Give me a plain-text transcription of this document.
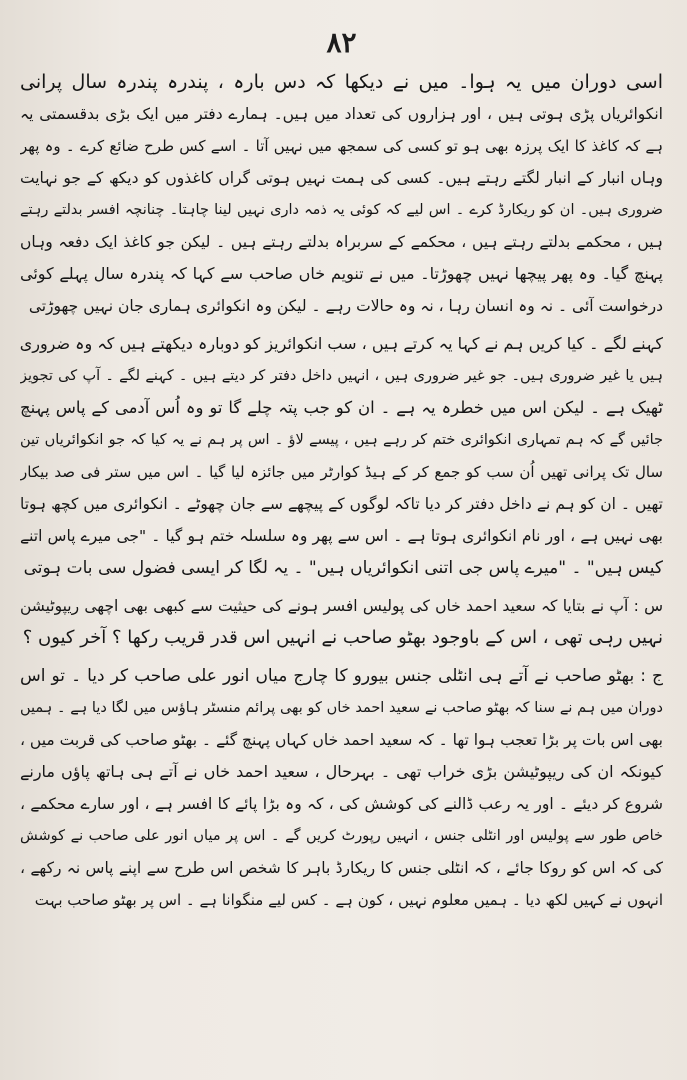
۸۲
اسی دوران میں یہ ہوا۔ میں نے دیکھا کہ دس بارہ ، پندرہ پندرہ سال پرانی
انکوائریاں پڑی ہوتی ہیں ، اور ہزاروں کی تعداد میں ہیں۔ ہمارے دفتر میں ایک بڑی بدقسمتی یہ
ہے کہ کاغذ کا ایک پرزہ بھی ہو تو کسی کی سمجھ میں نہیں آتا ۔ اسے کس طرح ضائع کرے ۔ وہ پھر
وہاں انبار کے انبار لگتے رہتے ہیں۔ کسی کی ہمت نہیں ہوتی گراں کاغذوں کو دیکھ کے جو نہایت
ضروری ہیں۔ ان کو ریکارڈ کرے ۔ اس لیے کہ کوئی یہ ذمہ داری نہیں لینا چاہتا۔ چنانچہ افسر بدلتے رہتے
ہیں ، محکمے بدلتے رہتے ہیں ، محکمے کے سربراہ بدلتے رہتے ہیں ۔ لیکن جو کاغذ ایک دفعہ وہاں
پہنچ گیا۔ وہ پھر پیچھا نہیں چھوڑتا۔ میں نے تنویم خاں صاحب سے کہا کہ پندرہ سال پہلے کوئی
درخواست آئی ۔ نہ وہ انسان رہا ، نہ وہ حالات رہے ۔ لیکن وہ انکوائری ہماری جان نہیں چھوڑتی
کہنے لگے ۔ کیا کریں ہم نے کہا یہ کرتے ہیں ، سب انکوائریز کو دوبارہ دیکھتے ہیں کہ وہ ضروری
ہیں یا غیر ضروری ہیں۔ جو غیر ضروری ہیں ، انہیں داخل دفتر کر دیتے ہیں ۔ کہنے لگے ۔ آپ کی تجویز
ٹھیک ہے ۔ لیکن اس میں خطرہ یہ ہے ۔ ان کو جب پتہ چلے گا تو وہ اُس آدمی کے پاس پہنچ
جائیں گے کہ ہم تمہاری انکوائری ختم کر رہے ہیں ، پیسے لاؤ ۔ اس پر ہم نے یہ کیا کہ جو انکوائریاں تین
سال تک پرانی تھیں اُن سب کو جمع کر کے ہیڈ کوارٹر میں جائزہ لیا گیا ۔ اس میں ستر فی صد بیکار
تھیں ۔ ان کو ہم نے داخل دفتر کر دیا تاکہ لوگوں کے پیچھے سے جان چھوٹے ۔ انکوائری میں کچھ ہوتا
بھی نہیں ہے ، اور نام انکوائری ہوتا ہے ۔ اس سے پھر وہ سلسلہ ختم ہو گیا ۔ "جی میرے پاس اتنے
کیس ہیں" ۔ "میرے پاس جی اتنی انکوائریاں ہیں" ۔ یہ لگا کر ایسی فضول سی بات ہوتی
س : آپ نے بتایا کہ سعید احمد خاں کی پولیس افسر ہونے کی حیثیت سے کبھی بھی اچھی ریپوٹیشن
نہیں رہی تھی ، اس کے باوجود بھٹو صاحب نے انہیں اس قدر قریب رکھا ؟ آخر کیوں ؟
ج : بھٹو صاحب نے آتے ہی انٹلی جنس بیورو کا چارج میاں انور علی صاحب کر دیا ۔ تو اس
دوران میں ہم نے سنا کہ بھٹو صاحب نے سعید احمد خاں کو بھی پرائم منسٹر ہاؤس میں لگا دیا ہے ۔ ہمیں
بھی اس بات پر بڑا تعجب ہوا تھا ۔ کہ سعید احمد خاں کہاں پہنچ گئے ۔ بھٹو صاحب کی قربت میں ،
کیونکہ ان کی ریپوٹیشن بڑی خراب تھی ۔ بہرحال ، سعید احمد خاں نے آتے ہی ہاتھ پاؤں مارنے
شروع کر دیئے ۔ اور یہ رعب ڈالنے کی کوشش کی ، کہ وہ بڑا پائے کا افسر ہے ، اور سارے محکمے ،
خاص طور سے پولیس اور انٹلی جنس ، انہیں رپورٹ کریں گے ۔ اس پر میاں انور علی صاحب نے کوشش
کی کہ اس کو روکا جائے ، کہ انٹلی جنس کا ریکارڈ باہر کا شخص اس طرح سے اپنے پاس نہ رکھے ،
انہوں نے کہیں لکھ دیا ۔ ہمیں معلوم نہیں ، کون ہے ۔ کس لیے منگوانا ہے ۔ اس پر بھٹو صاحب بہت
